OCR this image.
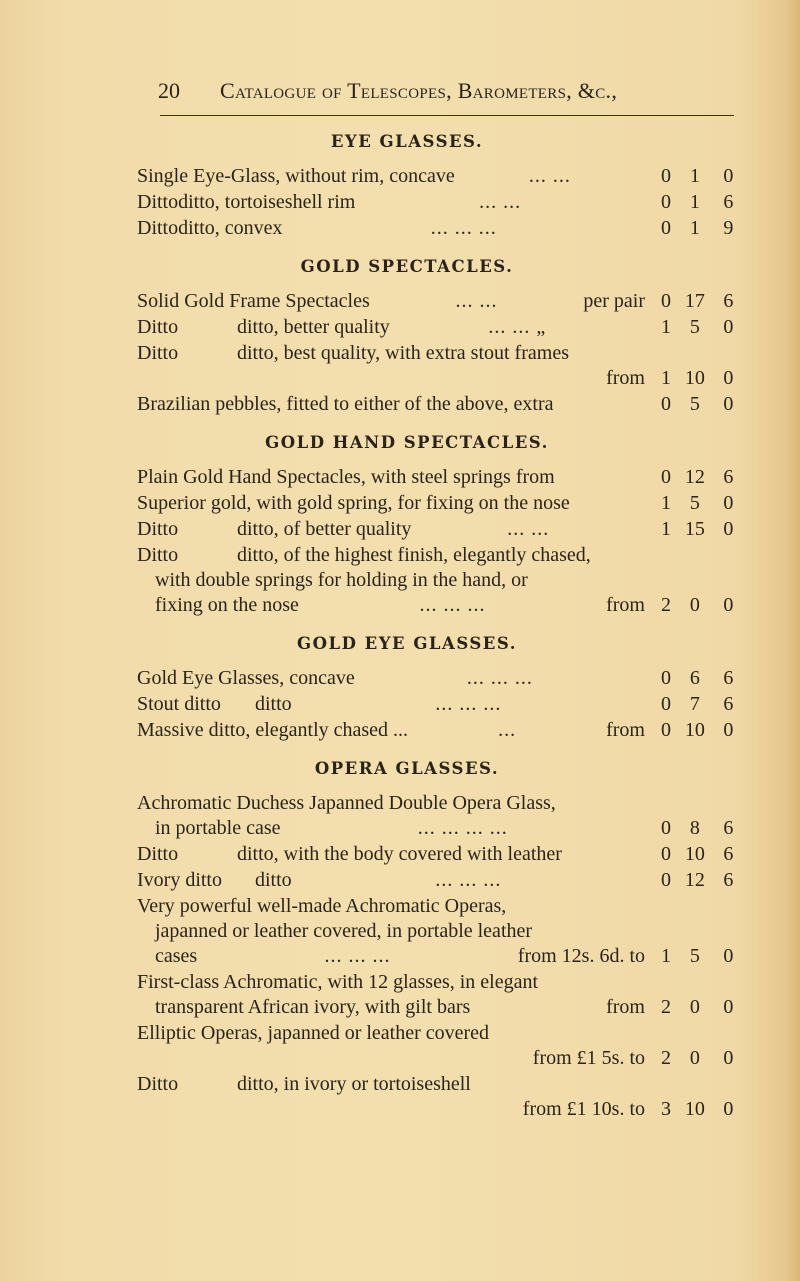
20 Catalogue of Telescopes, Barometers, &c.,
EYE GLASSES.
Single Eye-Glass, without rim, concave	... ...	0 1	0
Ditto ditto, tortoiseshell rim	... ...	0 1	6
Ditto ditto, convex	... ... ...	0 1	9
GOLD SPECTACLES.
Solid Gold Frame Spectacles	... ...	per pair 0 17 6
Ditto	ditto, better quality	... ... „	1 5	0
Ditto	ditto, best quality, with extra stout frames
from 1 10 0
Brazilian pebbles, fitted to either of the above, extra	0 5	0
GOLD HAND SPECTACLES.
Plain Gold Hand Spectacles, with steel springs from	0 12 6
Superior gold, with gold spring, for fixing on the nose	1 5	0
Ditto	ditto, of better quality	... ...	1 15 0
Ditto	ditto, of the highest finish, elegantly chased,
with double springs for holding in the hand, or
fixing on the nose	... ... ...	from 2 0	0
GOLD EYE GLASSES.
Gold Eye Glasses, concave	... ... ...	0 6	6
Stout ditto	ditto	... ... ...	0 7	6
Massive ditto, elegantly chased ...	...	from 0 10 0
OPERA GLASSES.
Achromatic Duchess Japanned Double Opera Glass,
in portable case	... ... ... ...	0 8	6
Ditto	ditto, with the body covered with leather	0 10 6
Ivory ditto	ditto	... ... ...	0 12 6
Very powerful well-made Achromatic Operas,
japanned or leather covered, in portable leather
cases	... ... ...	from 12s. 6d. to 1 5	0
First-class Achromatic, with 12 glasses, in elegant
transparent African ivory, with gilt bars	from 2 0	0
Elliptic Operas, japanned or leather covered
from £1 5s. to 2 0	0
Ditto	ditto, in ivory or tortoiseshell
from £1 10s. to 3 10 0
